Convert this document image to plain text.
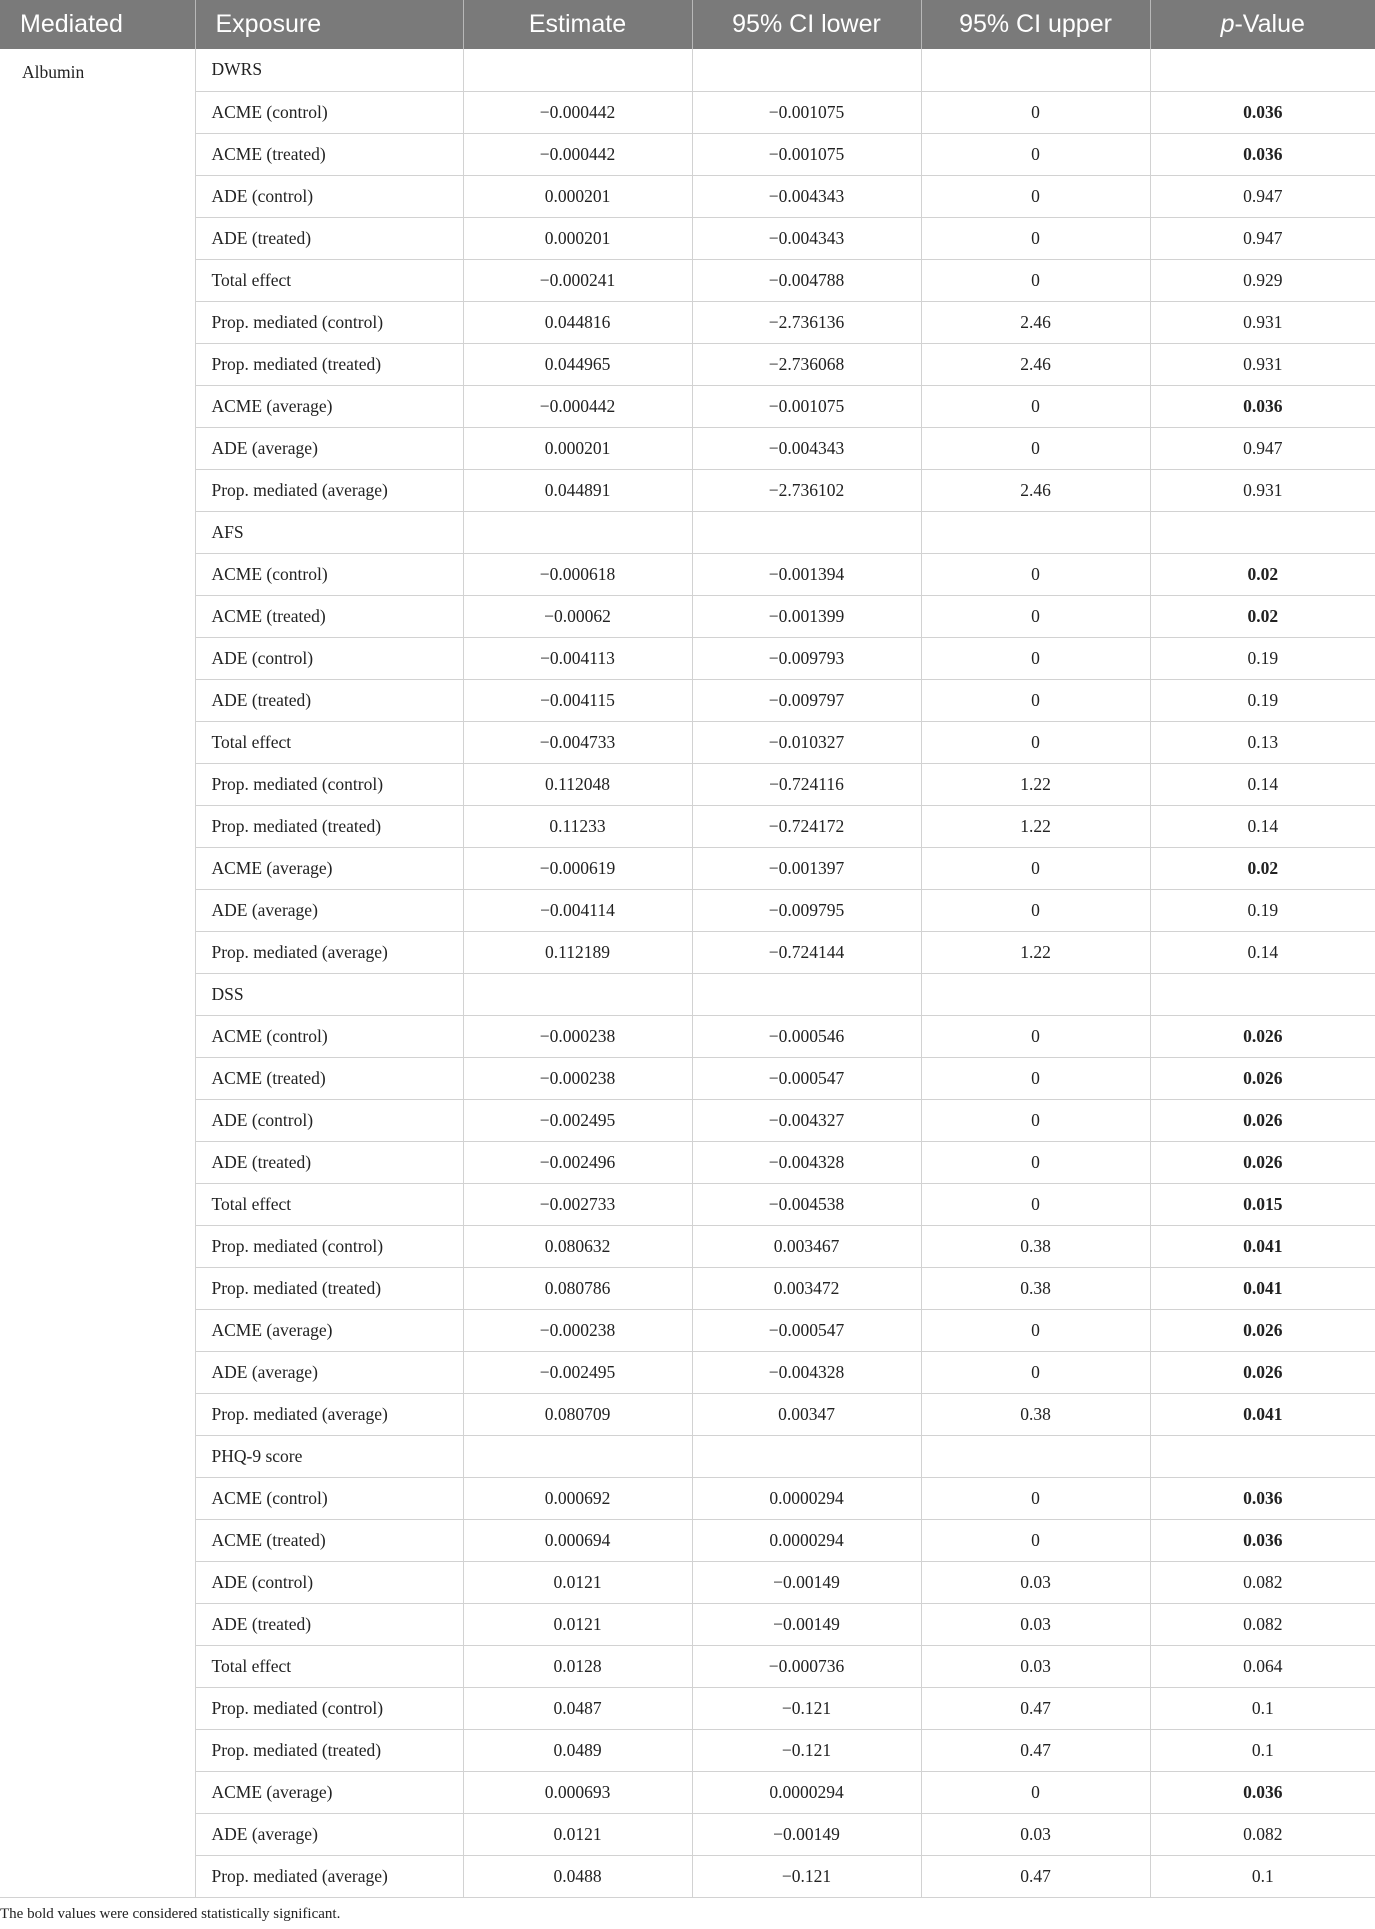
Mediated	Exposure	Estimate	95% CI lower	95% CI upper	p-Value
Albumin	DWRS				
	ACME (control)	−0.000442	−0.001075	0	0.036
	ACME (treated)	−0.000442	−0.001075	0	0.036
	ADE (control)	0.000201	−0.004343	0	0.947
	ADE (treated)	0.000201	−0.004343	0	0.947
	Total effect	−0.000241	−0.004788	0	0.929
	Prop. mediated (control)	0.044816	−2.736136	2.46	0.931
	Prop. mediated (treated)	0.044965	−2.736068	2.46	0.931
	ACME (average)	−0.000442	−0.001075	0	0.036
	ADE (average)	0.000201	−0.004343	0	0.947
	Prop. mediated (average)	0.044891	−2.736102	2.46	0.931
	AFS				
	ACME (control)	−0.000618	−0.001394	0	0.02
	ACME (treated)	−0.00062	−0.001399	0	0.02
	ADE (control)	−0.004113	−0.009793	0	0.19
	ADE (treated)	−0.004115	−0.009797	0	0.19
	Total effect	−0.004733	−0.010327	0	0.13
	Prop. mediated (control)	0.112048	−0.724116	1.22	0.14
	Prop. mediated (treated)	0.11233	−0.724172	1.22	0.14
	ACME (average)	−0.000619	−0.001397	0	0.02
	ADE (average)	−0.004114	−0.009795	0	0.19
	Prop. mediated (average)	0.112189	−0.724144	1.22	0.14
	DSS				
	ACME (control)	−0.000238	−0.000546	0	0.026
	ACME (treated)	−0.000238	−0.000547	0	0.026
	ADE (control)	−0.002495	−0.004327	0	0.026
	ADE (treated)	−0.002496	−0.004328	0	0.026
	Total effect	−0.002733	−0.004538	0	0.015
	Prop. mediated (control)	0.080632	0.003467	0.38	0.041
	Prop. mediated (treated)	0.080786	0.003472	0.38	0.041
	ACME (average)	−0.000238	−0.000547	0	0.026
	ADE (average)	−0.002495	−0.004328	0	0.026
	Prop. mediated (average)	0.080709	0.00347	0.38	0.041
	PHQ-9 score				
	ACME (control)	0.000692	0.0000294	0	0.036
	ACME (treated)	0.000694	0.0000294	0	0.036
	ADE (control)	0.0121	−0.00149	0.03	0.082
	ADE (treated)	0.0121	−0.00149	0.03	0.082
	Total effect	0.0128	−0.000736	0.03	0.064
	Prop. mediated (control)	0.0487	−0.121	0.47	0.1
	Prop. mediated (treated)	0.0489	−0.121	0.47	0.1
	ACME (average)	0.000693	0.0000294	0	0.036
	ADE (average)	0.0121	−0.00149	0.03	0.082
	Prop. mediated (average)	0.0488	−0.121	0.47	0.1
The bold values were considered statistically significant.
